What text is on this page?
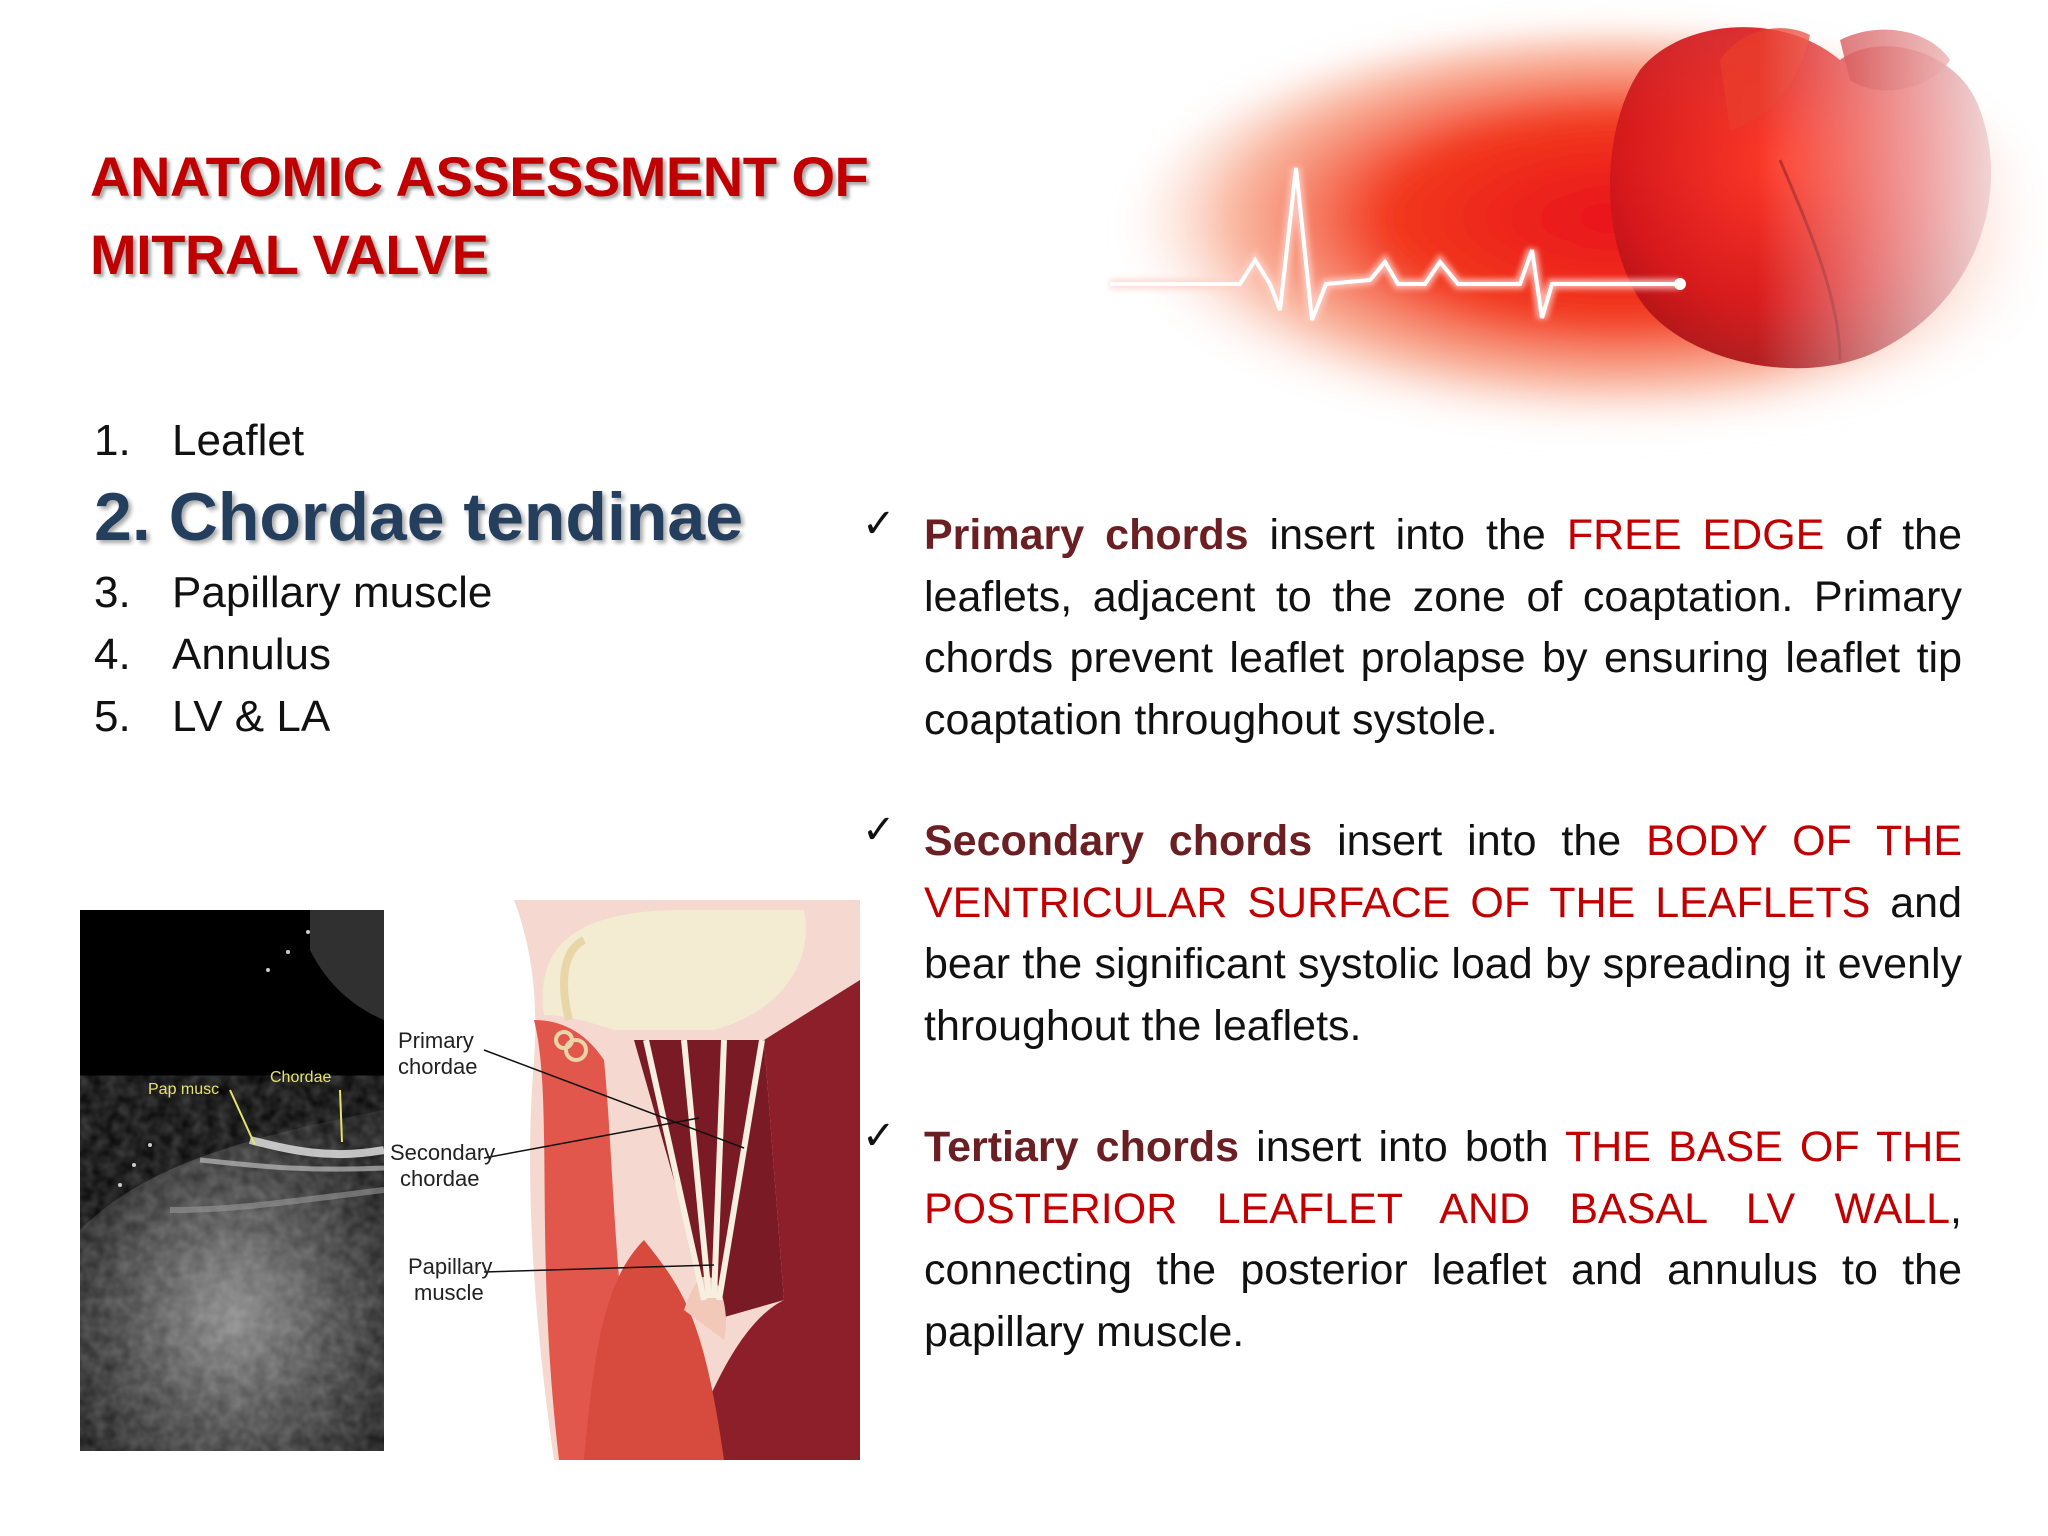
ANATOMIC ASSESSMENT OF
MITRAL VALVE
1. Leaflet
2. Chordae tendinae
3. Papillary muscle
4. Annulus
5. LV & LA
Pap musc
Chordae
Primary
chordae
Secondary
chordae
Papillary
muscle
✓ Primary chords insert into the FREE EDGE of the leaflets, adjacent to the zone of coaptation. Primary chords prevent leaflet prolapse by ensuring leaflet tip coaptation throughout systole.

✓ Secondary chords insert into the BODY OF THE VENTRICULAR SURFACE OF THE LEAFLETS and bear the significant systolic load by spreading it evenly throughout the leaflets.

✓ Tertiary chords insert into both THE BASE OF THE POSTERIOR LEAFLET AND BASAL LV WALL, connecting the posterior leaflet and annulus to the papillary muscle.
